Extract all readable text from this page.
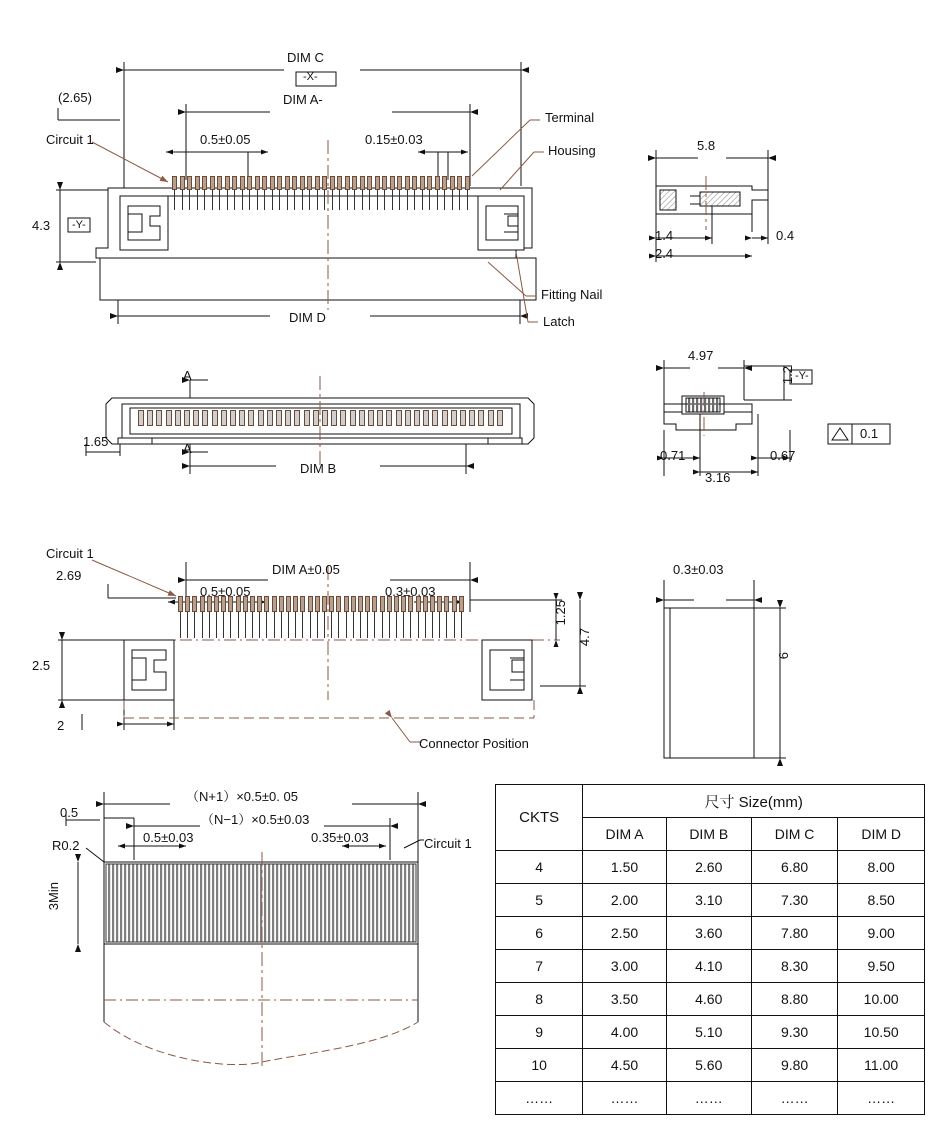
DIM C
-X-
(2.65)	DIM A-
Circuit 1	0.5±0.05	0.15±0.03
Terminal
Housing
4.3 -Y-
Fitting Nail
Latch
DIM D
A
A
1.65
DIM B
5.8
1.4	0.4
2.4
4.97
1.2 -Y-
0.71	0.67
3.16
0.1
Circuit 1
DIM A±0.05
2.69
0.5±0.05	0.3±0.03
1.25
2.5
4.7
2
Connector Position
0.3±0.03
6
（N+1）×0.5±0. 05
（N−1）×0.5±0.03
0.5
R0.2
0.5±0.03	0.35±0.03	Circuit 1
3Min
CKTS	尺寸 Size(mm)			
	DIM A	DIM B	DIM C	DIM D
4	1.50	2.60	6.80	8.00
5	2.00	3.10	7.30	8.50
6	2.50	3.60	7.80	9.00
7	3.00	4.10	8.30	9.50
8	3.50	4.60	8.80	10.00
9	4.00	5.10	9.30	10.50
10	4.50	5.60	9.80	11.00
……	……	……	……	……
